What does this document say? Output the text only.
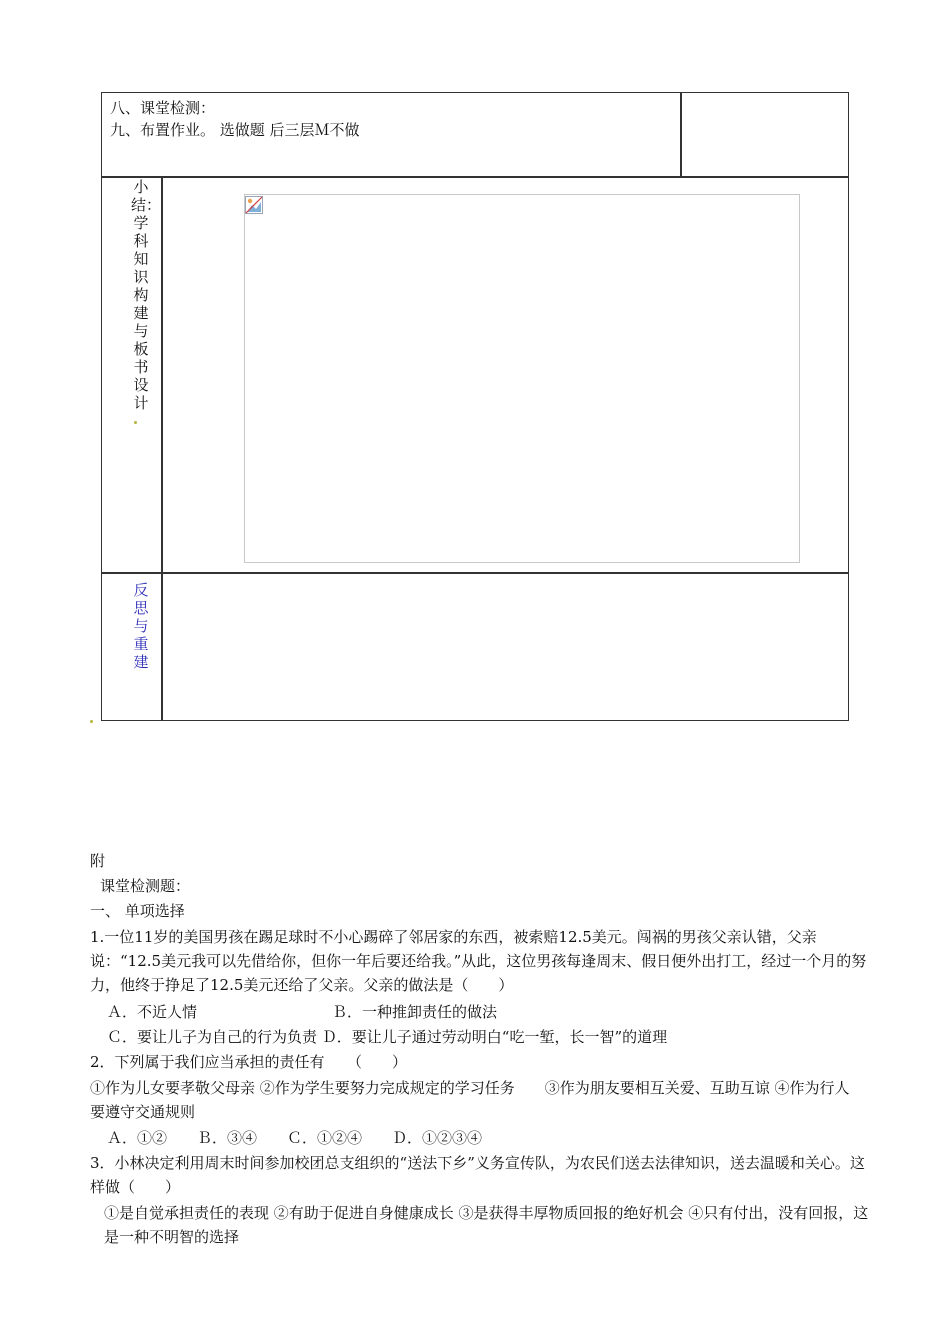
八、课堂检测：
九、布置作业。 选做题 后三层Ｍ不做
小结：学科知识构建与板书设计
反思与重建
附
课堂检测题：
一、 单项选择
1.一位11岁的美国男孩在踢足球时不小心踢碎了邻居家的东西，被索赔12.5美元。闯祸的男孩父亲认错，父亲说：“12.5美元我可以先借给你，但你一年后要还给我。”从此，这位男孩每逢周末、假日便外出打工，经过一个月的努力，他终于挣足了12.5美元还给了父亲。父亲的做法是（　　）
Ａ．不近人情　　　　　　　　　Ｂ．一种推卸责任的做法
Ｃ．要让儿子为自己的行为负责 Ｄ．要让儿子通过劳动明白“吃一堑，长一智”的道理
2．下列属于我们应当承担的责任有　　（　　）
①作为儿女要孝敬父母亲 ②作为学生要努力完成规定的学习任务　　③作为朋友要相互关爱、互助互谅 ④作为行人要遵守交通规则
Ａ．①②　　Ｂ．③④　　Ｃ．①②④　　Ｄ．①②③④
3．小林决定利用周末时间参加校团总支组织的“送法下乡”义务宣传队，为农民们送去法律知识，送去温暖和关心。这样做（　　）
①是自觉承担责任的表现 ②有助于促进自身健康成长 ③是获得丰厚物质回报的绝好机会 ④只有付出，没有回报，这是一种不明智的选择
